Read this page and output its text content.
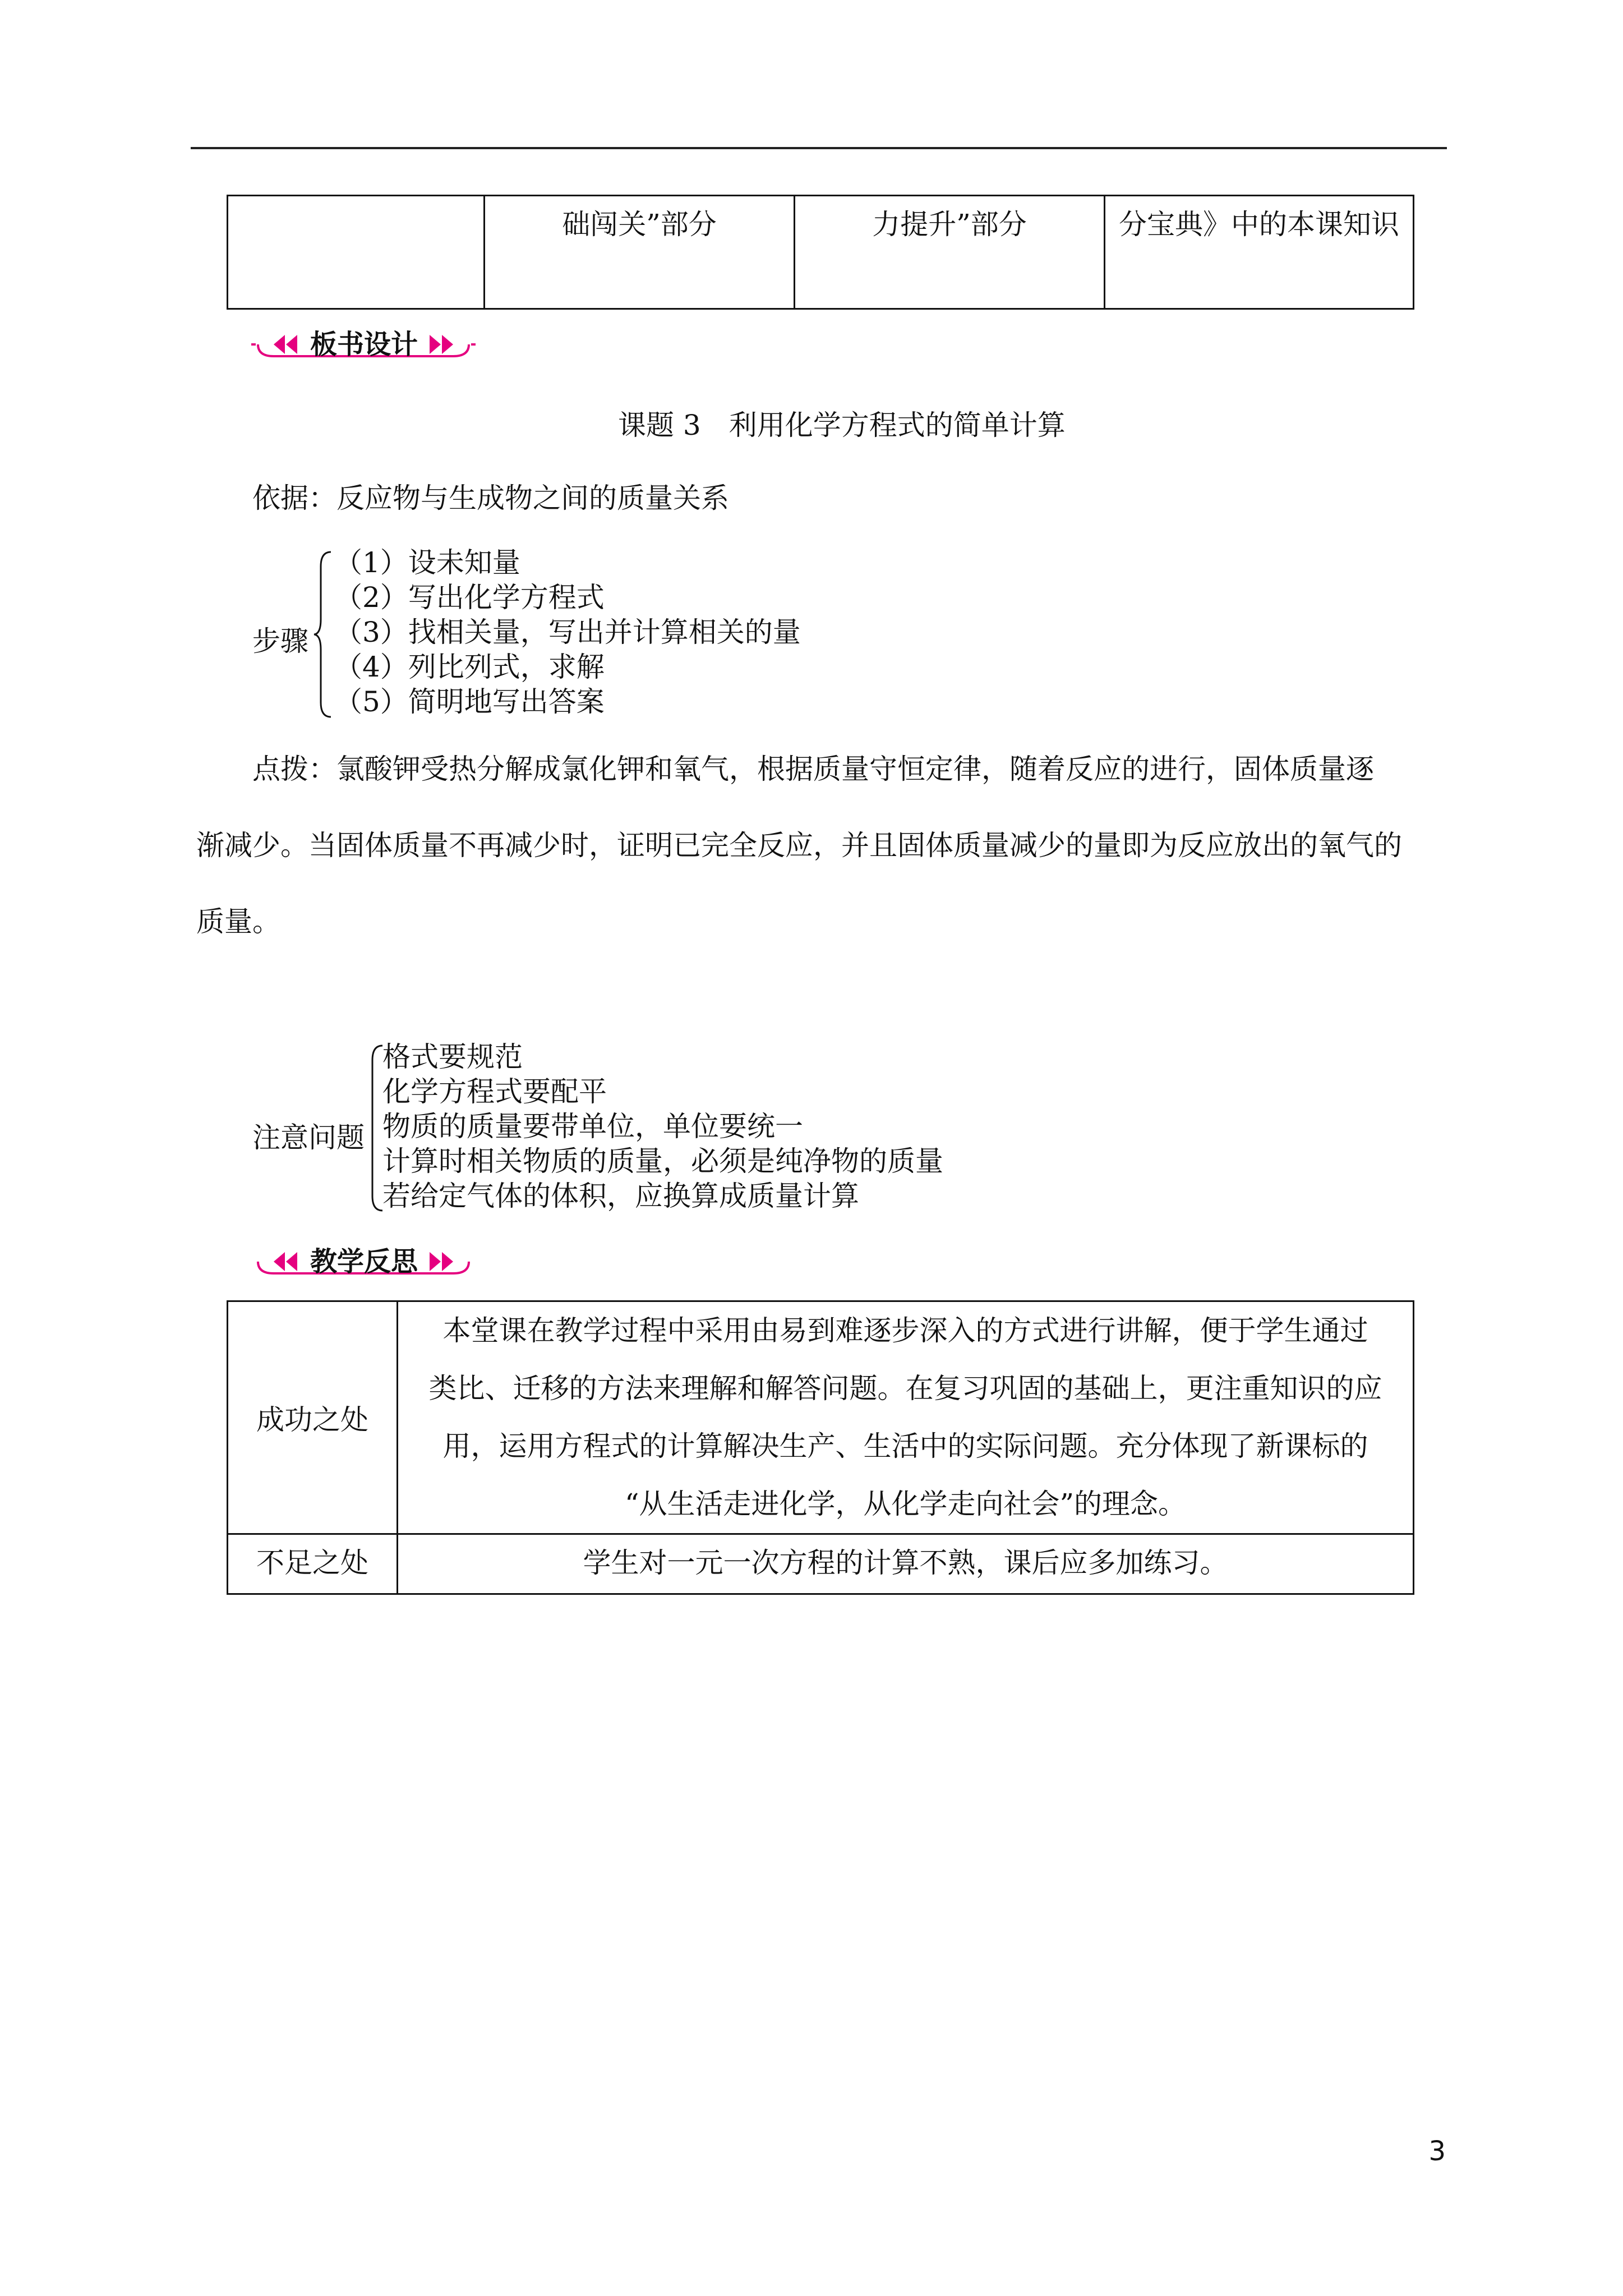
	础闯关”部分	力提升”部分	分宝典》中的本课知识
板书设计
课题 3　利用化学方程式的简单计算
依据：反应物与生成物之间的质量关系
步骤
（1）设未知量
（2）写出化学方程式
（3）找相关量，写出并计算相关的量
（4）列比列式，求解
（5）简明地写出答案
点拨：氯酸钾受热分解成氯化钾和氧气，根据质量守恒定律，随着反应的进行，固体质量逐
渐减少。当固体质量不再减少时，证明已完全反应，并且固体质量减少的量即为反应放出的氧气的
质量。
注意问题
格式要规范
化学方程式要配平
物质的质量要带单位，单位要统一
计算时相关物质的质量，必须是纯净物的质量
若给定气体的体积，应换算成质量计算
教学反思
成功之处	本堂课在教学过程中采用由易到难逐步深入的方式进行讲解，便于学生通过
类比、迁移的方法来理解和解答问题。在复习巩固的基础上，更注重知识的应
用，运用方程式的计算解决生产、生活中的实际问题。充分体现了新课标的
“从生活走进化学，从化学走向社会”的理念。

不足之处	学生对一元一次方程的计算不熟，课后应多加练习。
3
